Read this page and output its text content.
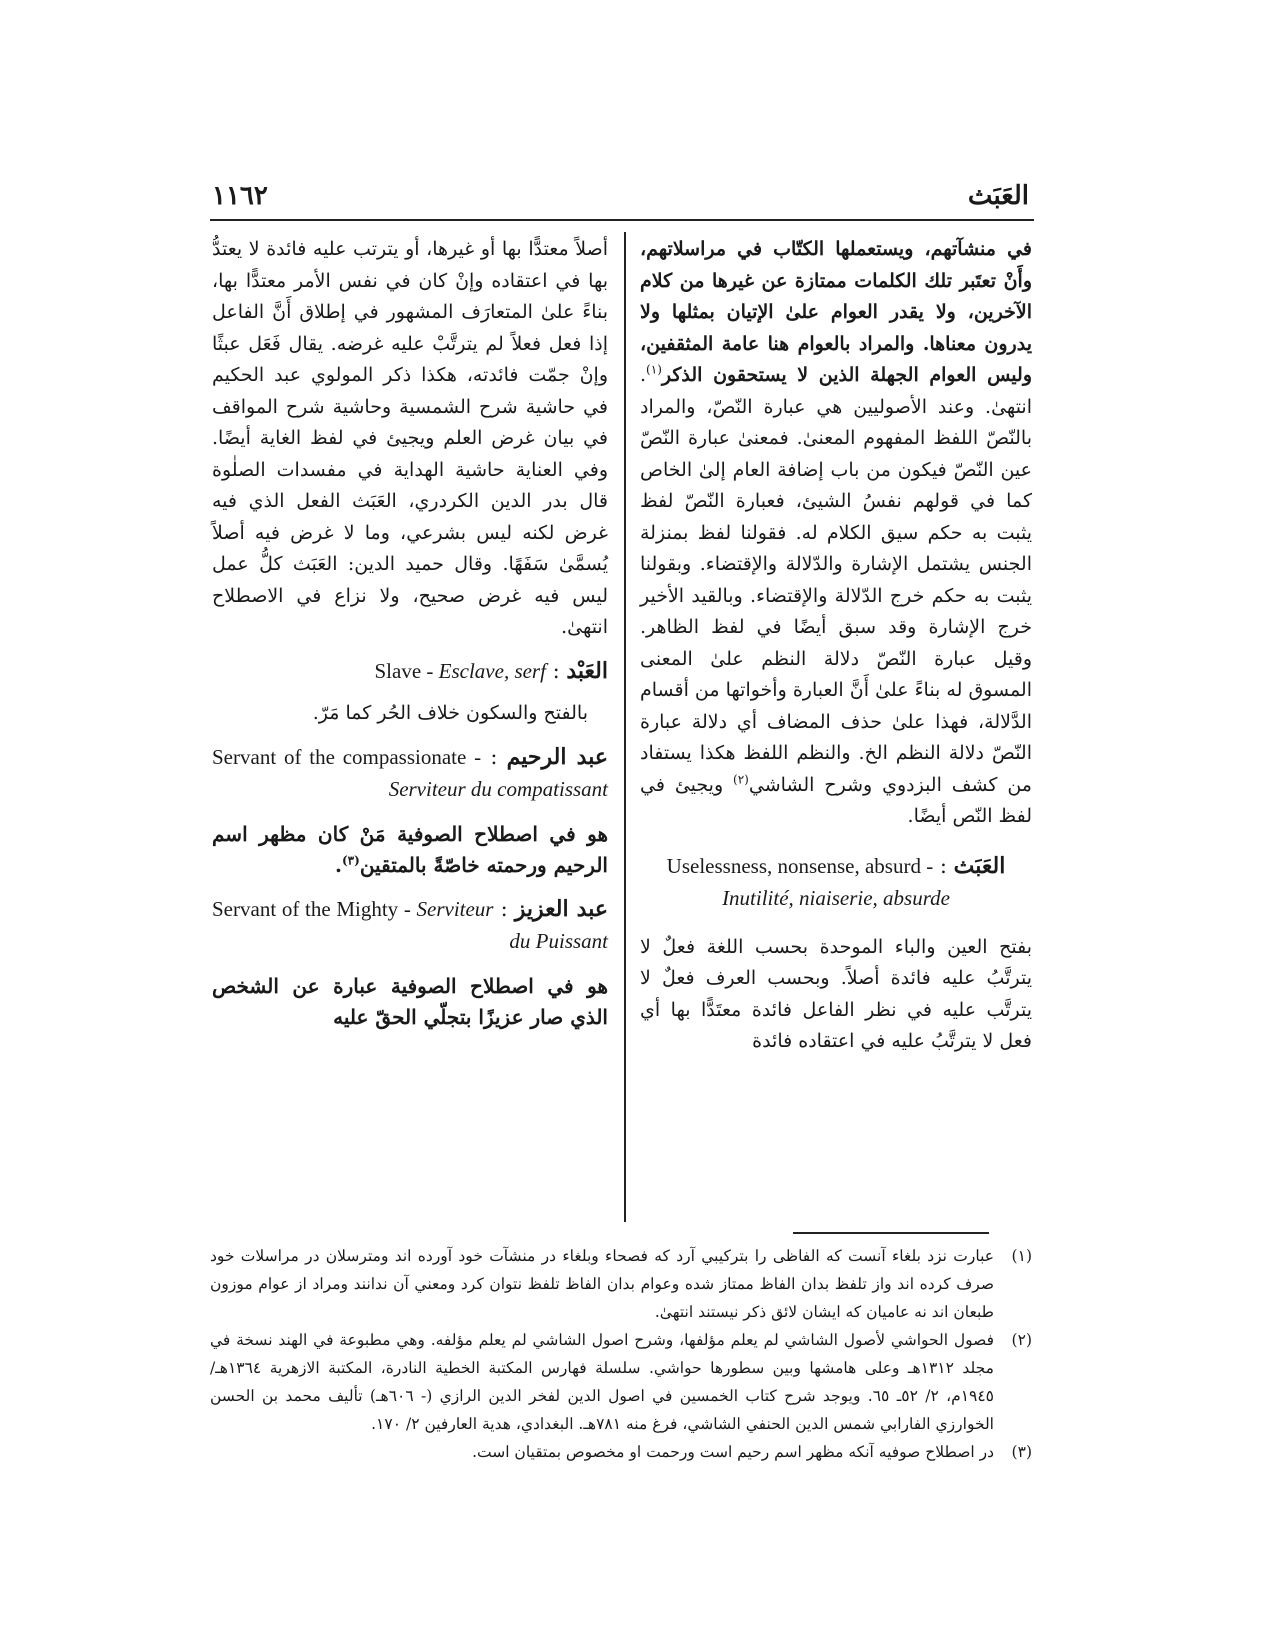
العَبَث
١١٦٢

في منشآتهم، ويستعملها الكتّاب في مراسلاتهم، وأَنْ تعتَبر تلك الكلمات ممتازة عن غيرها من كلام الآخرين، ولا يقدر العوام علىٰ الإتيان بمثلها ولا يدرون معناها. والمراد بالعوام هنا عامة المثقفين، وليس العوام الجهلة الذين لا يستحقون الذكر$^{(١)}$. انتهىٰ. وعند الأصوليين هي عبارة النّصّ، والمراد بالنّصّ اللفظ المفهوم المعنىٰ. فمعنىٰ عبارة النّصّ عين النّصّ فيكون من باب إضافة العام إلىٰ الخاص كما في قولهم نفسُ الشيئ، فعبارة النّصّ لفظ يثبت به حكم سيق الكلام له. فقولنا لفظ بمنزلة الجنس يشتمل الإشارة والدّلالة والإقتضاء. وبقولنا يثبت به حكم خرج الدّلالة والإقتضاء. وبالقيد الأخير خرج الإشارة وقد سبق أيضًا في لفظ الظاهر. وقيل عبارة النّصّ دلالة النظم علىٰ المعنى المسوق له بناءً علىٰ أَنَّ العبارة وأخواتها من أقسام الدَّلالة، فهذا علىٰ حذف المضاف أي دلالة عبارة النّصّ دلالة النظم الخ. والنظم اللفظ هكذا يستفاد من كشف البزدوي وشرح الشاشي$^{(٢)}$ ويجيئ في لفظ النّص أيضًا.

العَبَث : Uselessness, nonsense, absurd - Inutilité, niaiserie, absurde

بفتح العين والباء الموحدة بحسب اللغة فعلٌ لا يترتَّبُ عليه فائدة أصلاً. وبحسب العرف فعلٌ لا يترتَّب عليه في نظر الفاعل فائدة معتَدًّا بها أي فعل لا يترتَّبُ عليه في اعتقاده فائدة

أصلاً معتدًّا بها أو غيرها، أو يترتب عليه فائدة لا يعتدُّ بها في اعتقاده وإنْ كان في نفس الأمر معتدًّا بها، بناءً علىٰ المتعارَف المشهور في إطلاق أَنَّ الفاعل إذا فعل فعلاً لم يترتَّبْ عليه غرضه. يقال فَعَل عبثًا وإنْ جمّت فائدته، هكذا ذكر المولوي عبد الحكيم في حاشية شرح الشمسية وحاشية شرح المواقف في بيان غرض العلم ويجيئ في لفظ الغاية أيضًا. وفي العناية حاشية الهداية في مفسدات الصلٰوة قال بدر الدين الكردري، العَبَث الفعل الذي فيه غرض لكنه ليس بشرعي، وما لا غرض فيه أصلاً يُسمَّىٰ سَفَهًا. وقال حميد الدين: العَبَث كلُّ عمل ليس فيه غرض صحيح، ولا نزاع في الاصطلاح انتهىٰ.

العَبْد : Slave - Esclave, serf

بالفتح والسكون خلاف الحُر كما مَرّ.

عبد الرحيم : Servant of the compassionate - Serviteur du compatissant

هو في اصطلاح الصوفية مَنْ كان مظهر اسم الرحيم ورحمته خاصّةً بالمتقين$^{(٣)}$.

عبد العزيز : Servant of the Mighty - Serviteur du Puissant

هو في اصطلاح الصوفية عبارة عن الشخص الذي صار عزيزًا بتجلّي الحقّ عليه

(١)
عبارت نزد بلغاء آنست كه الفاظى را بتركيبي آرد كه فصحاء وبلغاء در منشآت خود آورده اند ومترسلان در مراسلات خود صرف كرده اند واز تلفظ بدان الفاظ ممتاز شده وعوام بدان الفاظ تلفظ نتوان كرد ومعني آن ندانند ومراد از عوام موزون طبعان اند نه عاميان كه ايشان لائق ذكر نيستند انتهىٰ.

(٢)
فصول الحواشي لأصول الشاشي لم يعلم مؤلفها، وشرح اصول الشاشي لم يعلم مؤلفه. وهي مطبوعة في الهند نسخة في مجلد ١٣١٢هـ وعلى هامشها وبين سطورها حواشي. سلسلة فهارس المكتبة الخطية النادرة، المكتبة الازهرية ١٣٦٤هـ/ ١٩٤٥م، ٢/ ٥٢ـ ٦٥. ويوجد شرح كتاب الخمسين في اصول الدين لفخر الدين الرازي (- ٦٠٦هـ) تأليف محمد بن الحسن الخوارزي الفارابي شمس الدين الحنفي الشاشي، فرغ منه ٧٨١هـ. البغدادي، هدية العارفين ٢/ ١٧٠.

(٣)
در اصطلاح صوفيه آنكه مظهر اسم رحيم است ورحمت او مخصوص بمتقيان است.
